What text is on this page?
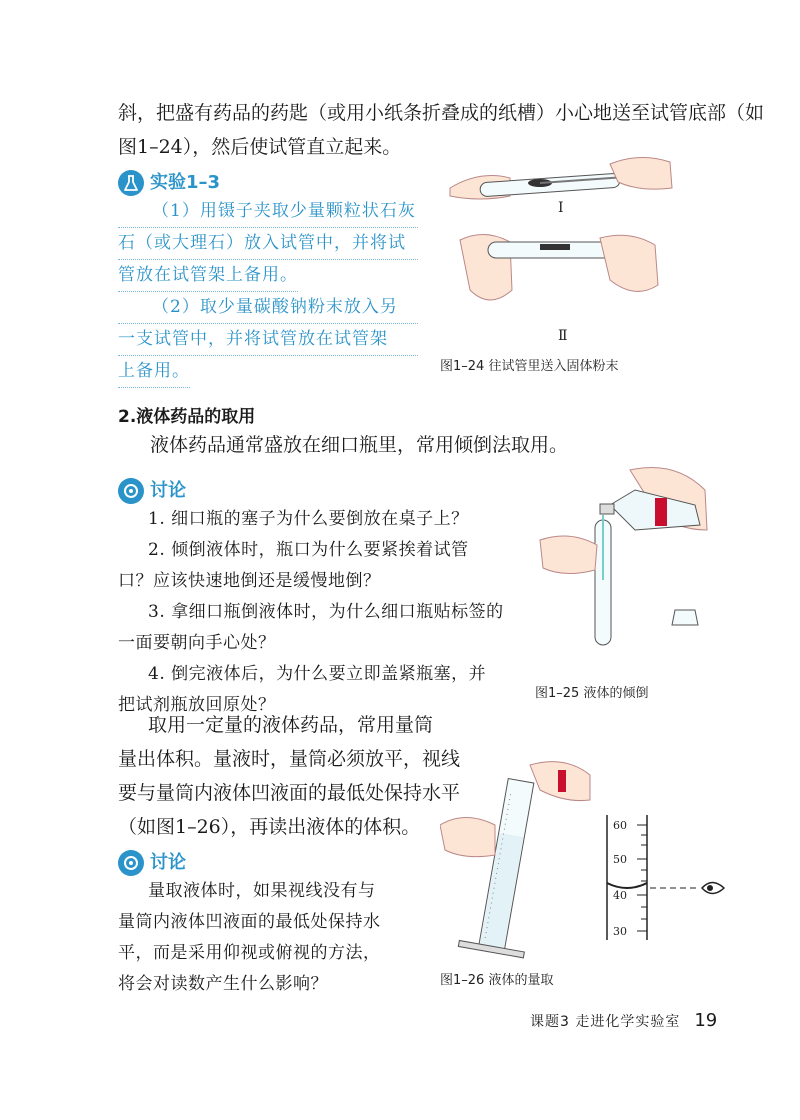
斜，把盛有药品的药匙（或用小纸条折叠成的纸槽）小心地送至试管底部（如

图1–24），然后使试管直立起来。

实验1–3
（1）用镊子夹取少量颗粒状石灰
石（或大理石）放入试管中，并将试
管放在试管架上备用。
（2）取少量碳酸钠粉末放入另
一支试管中，并将试管放在试管架
上备用。
Ⅰ
Ⅱ
图1–24 往试管里送入固体粉末
2.液体药品的取用
液体药品通常盛放在细口瓶里，常用倾倒法取用。
讨论
1. 细口瓶的塞子为什么要倒放在桌子上？
2. 倾倒液体时，瓶口为什么要紧挨着试管
口？应该快速地倒还是缓慢地倒？
3. 拿细口瓶倒液体时，为什么细口瓶贴标签的
一面要朝向手心处？
4. 倒完液体后，为什么要立即盖紧瓶塞，并
把试剂瓶放回原处？
图1–25 液体的倾倒

取用一定量的液体药品，常用量筒

量出体积。量液时，量筒必须放平，视线

要与量筒内液体凹液面的最低处保持水平

（如图1–26），再读出液体的体积。

讨论
量取液体时，如果视线没有与
量筒内液体凹液面的最低处保持水
平，而是采用仰视或俯视的方法，
将会对读数产生什么影响？
60
50
40
30
图1–26 液体的量取
课题3 走进化学实验室 19
